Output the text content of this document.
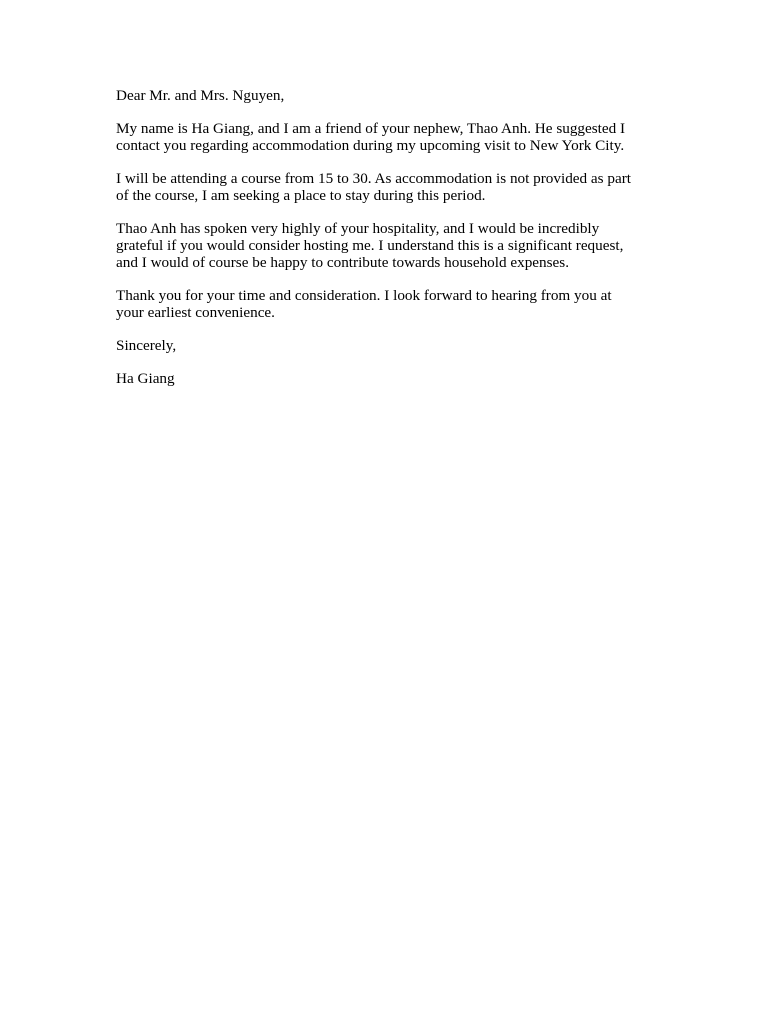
Dear Mr. and Mrs. Nguyen,

My name is Ha Giang, and I am a friend of your nephew, Thao Anh. He suggested I
contact you regarding accommodation during my upcoming visit to New York City.

I will be attending a course from 15 to 30. As accommodation is not provided as part
of the course, I am seeking a place to stay during this period.

Thao Anh has spoken very highly of your hospitality, and I would be incredibly
grateful if you would consider hosting me. I understand this is a significant request,
and I would of course be happy to contribute towards household expenses.

Thank you for your time and consideration. I look forward to hearing from you at
your earliest convenience.

Sincerely,

Ha Giang
